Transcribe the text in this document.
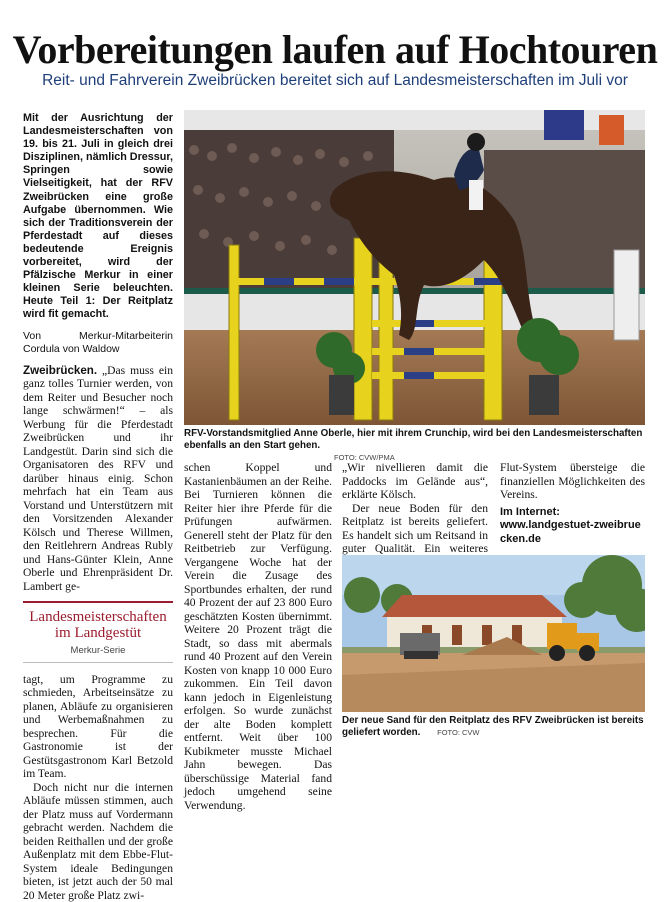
Vorbereitungen laufen auf Hochtouren
Reit- und Fahrverein Zweibrücken bereitet sich auf Landesmeisterschaften im Juli vor
Mit der Ausrichtung der Landesmeisterschaften von 19. bis 21. Juli in gleich drei Disziplinen, nämlich Dressur, Springen sowie Vielseitigkeit, hat der RFV Zweibrücken eine große Aufgabe übernommen. Wie sich der Traditionsverein der Pferdestadt auf dieses bedeutende Ereignis vorbereitet, wird der Pfälzische Merkur in einer kleinen Serie beleuchten. Heute Teil 1: Der Reitplatz wird fit gemacht.
Von Merkur-Mitarbeiterin Cordula von Waldow

Zweibrücken. „Das muss ein ganz tolles Turnier werden, von dem Reiter und Besucher noch lange schwärmen!“ – als Werbung für die Pferdestadt Zweibrücken und ihr Landgestüt. Darin sind sich die Organisatoren des RFV und darüber hinaus einig. Schon mehrfach hat ein Team aus Vorstand und Unterstützern mit den Vorsitzenden Alexander Kölsch und Therese Willmen, den Reitlehrern Andreas Rubly und Hans-Günter Klein, Anne Oberle und Ehrenpräsident Dr. Lambert ge-

Landesmeisterschaften im Landgestüt
Merkur-Serie

tagt, um Programme zu schmieden, Arbeitseinsätze zu planen, Abläufe zu organisieren und Werbemaßnahmen zu besprechen. Für die Gastronomie ist der Gestütsgastronom Karl Betzold im Team.

Doch nicht nur die internen Abläufe müssen stimmen, auch der Platz muss auf Vordermann gebracht werden. Nachdem die beiden Reithallen und der große Außenplatz mit dem Ebbe-Flut-System ideale Bedingungen bieten, ist jetzt auch der 50 mal 20 Meter große Platz zwi-

RFV-Vorstandsmitglied Anne Oberle, hier mit ihrem Crunchip, wird bei den Landesmeisterschaften ebenfalls an den Start gehen.
FOTO: CVW/PMA

schen Koppel und Kastanienbäumen an der Reihe. Bei Turnieren können die Reiter hier ihre Pferde für die Prüfungen aufwärmen. Generell steht der Platz für den Reitbetrieb zur Verfügung. Vergangene Woche hat der Verein die Zusage des Sportbundes erhalten, der rund 40 Prozent der auf 23 800 Euro geschätzten Kosten übernimmt. Weitere 20 Prozent trägt die Stadt, so dass mit abermals rund 40 Prozent auf den Verein Kosten von knapp 10 000 Euro zukommen. Ein Teil davon kann jedoch in Eigenleistung erfolgen. So wurde zunächst der alte Boden komplett entfernt. Weit über 100 Kubikmeter musste Michael Jahn bewegen. Das überschüssige Material fand jedoch umgehend seine Verwendung.

„Wir nivellieren damit die Paddocks im Gelände aus“, erklärte Kölsch.

Der neue Boden für den Reitplatz ist bereits geliefert. Es handelt sich um Reitsand in guter Qualität. Ein weiteres

Flut-System übersteige die finanziellen Möglichkeiten des Vereins.

Im Internet:
www.landgestuet-zweibruecken.de
Der neue Sand für den Reitplatz des RFV Zweibrücken ist bereits geliefert worden. FOTO: CVW
